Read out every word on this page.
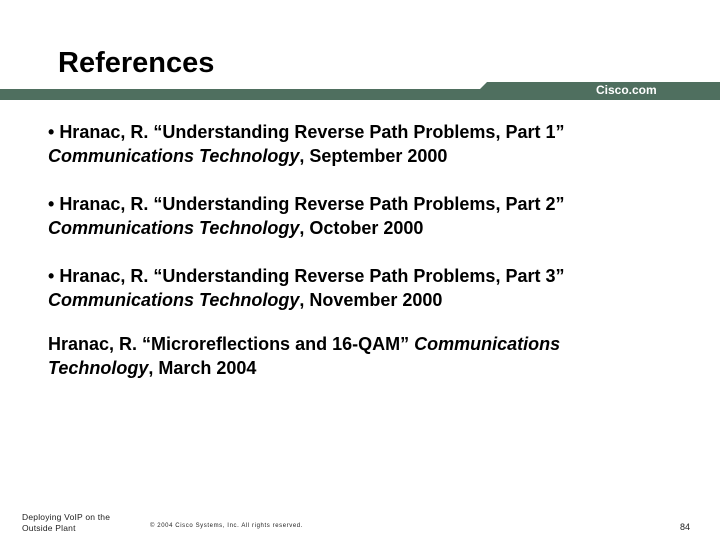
References
Cisco.com

• Hranac, R. “Understanding Reverse Path Problems, Part 1”
Communications Technology, September 2000

• Hranac, R. “Understanding Reverse Path Problems, Part 2”
Communications Technology, October 2000

• Hranac, R. “Understanding Reverse Path Problems, Part 3”
Communications Technology, November 2000

Hranac, R. “Microreflections and 16-QAM” Communications Technology, March 2004

Deploying VoIP on the
Outside Plant	© 2004 Cisco Systems, Inc. All rights reserved.	84
